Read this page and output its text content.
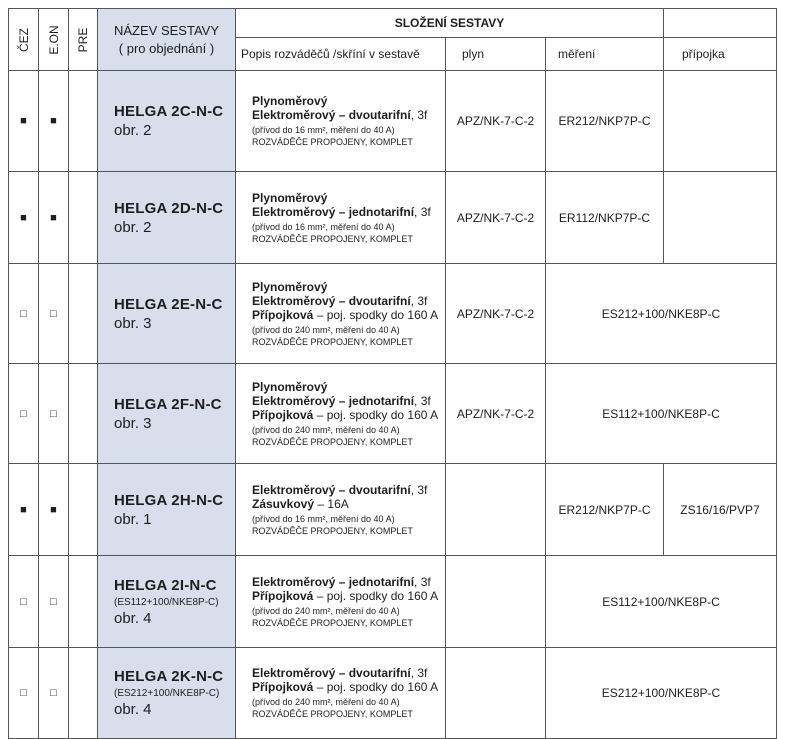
ČEZ	E.ON	PRE	NÁZEV SESTAVY
( pro objednání )	SLOŽENÍ SESTAVY			
				Popis rozváděčů /skříní v sestavě	plyn	měření	přípojka
■	■		HELGA 2C-N-C
obr. 2	Plynoměrový
Elektroměrový – dvoutarifní, 3f
(přívod do 16 mm², měření do 40 A)
ROZVÁDĚČE PROPOJENY, KOMPLET	APZ/NK-7-C-2	ER212/NKP7P-C	
■	■		HELGA 2D-N-C
obr. 2	Plynoměrový
Elektroměrový – jednotarifní, 3f
(přívod do 16 mm², měření do 40 A)
ROZVÁDĚČE PROPOJENY, KOMPLET	APZ/NK-7-C-2	ER112/NKP7P-C	
□	□		HELGA 2E-N-C
obr. 3	Plynoměrový
Elektroměrový – dvoutarifní, 3f
Přípojková – poj. spodky do 160 A
(přívod do 240 mm², měření do 40 A)
ROZVÁDĚČE PROPOJENY, KOMPLET	APZ/NK-7-C-2	ES212+100/NKE8P-C	
□	□		HELGA 2F-N-C
obr. 3	Plynoměrový
Elektroměrový – jednotarifní, 3f
Přípojková – poj. spodky do 160 A
(přívod do 240 mm², měření do 40 A)
ROZVÁDĚČE PROPOJENY, KOMPLET	APZ/NK-7-C-2	ES112+100/NKE8P-C	
■	■		HELGA 2H-N-C
obr. 1	Elektroměrový – dvoutarifní, 3f
Zásuvkový – 16A
(přívod do 16 mm², měření do 40 A)
ROZVÁDĚČE PROPOJENY, KOMPLET		ER212/NKP7P-C	ZS16/16/PVP7
□	□		HELGA 2I-N-C
(ES112+100/NKE8P-C)
obr. 4	Elektroměrový – jednotarifní, 3f
Přípojková – poj. spodky do 160 A
(přívod do 240 mm², měření do 40 A)
ROZVÁDĚČE PROPOJENY, KOMPLET		ES112+100/NKE8P-C	
□	□		HELGA 2K-N-C
(ES212+100/NKE8P-C)
obr. 4	Elektroměrový – dvoutarifní, 3f
Přípojková – poj. spodky do 160 A
(přívod do 240 mm², měření do 40 A)
ROZVÁDĚČE PROPOJENY, KOMPLET		ES212+100/NKE8P-C	
